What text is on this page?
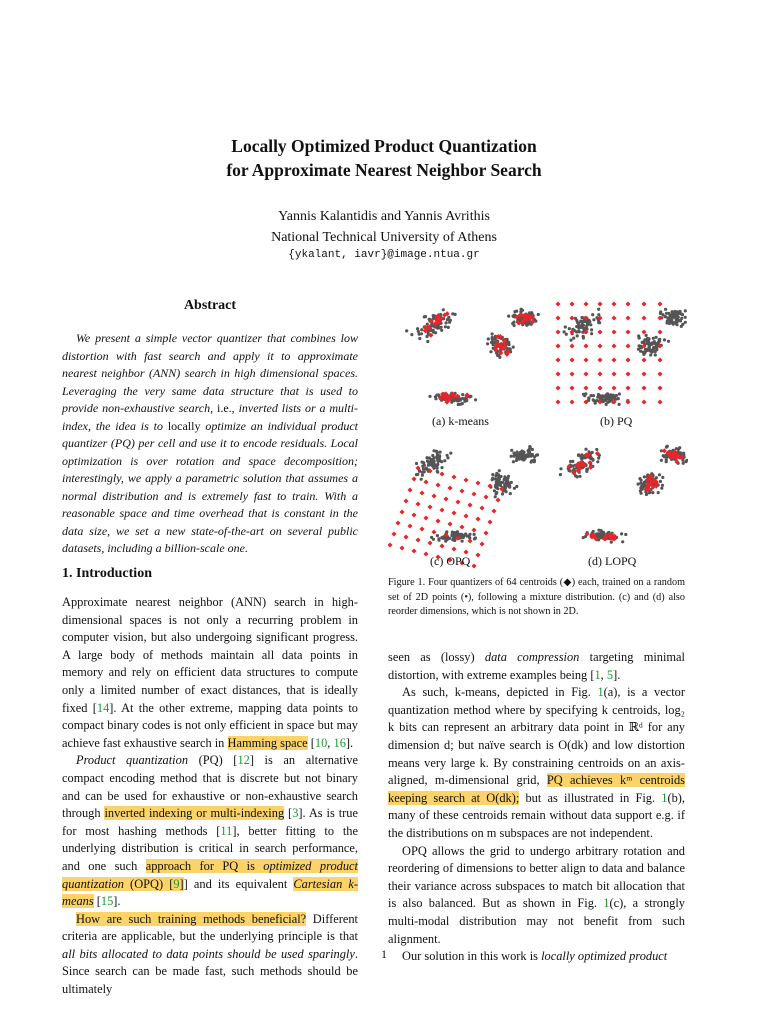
Locally Optimized Product Quantization
for Approximate Nearest Neighbor Search
Yannis Kalantidis and Yannis Avrithis
National Technical University of Athens
{ykalant, iavr}@image.ntua.gr
Abstract

We present a simple vector quantizer that combines low distortion with fast search and apply it to approximate nearest neighbor (ANN) search in high dimensional spaces. Leveraging the very same data structure that is used to provide non-exhaustive search, i.e., inverted lists or a multi-index, the idea is to locally optimize an individual product quantizer (PQ) per cell and use it to encode residuals. Local optimization is over rotation and space decomposition; interestingly, we apply a parametric solution that assumes a normal distribution and is extremely fast to train. With a reasonable space and time overhead that is constant in the data size, we set a new state-of-the-art on several public datasets, including a billion-scale one.

1. Introduction

Approximate nearest neighbor (ANN) search in high-dimensional spaces is not only a recurring problem in computer vision, but also undergoing significant progress. A large body of methods maintain all data points in memory and rely on efficient data structures to compute only a limited number of exact distances, that is ideally fixed [14]. At the other extreme, mapping data points to compact binary codes is not only efficient in space but may achieve fast exhaustive search in Hamming space [10, 16].

Product quantization (PQ) [12] is an alternative compact encoding method that is discrete but not binary and can be used for exhaustive or non-exhaustive search through inverted indexing or multi-indexing [3]. As is true for most hashing methods [11], better fitting to the underlying distribution is critical in search performance, and one such approach for PQ is optimized product quantization (OPQ) [9]] and its equivalent Cartesian k-means [15].

How are such training methods beneficial? Different criteria are applicable, but the underlying principle is that all bits allocated to data points should be used sparingly. Since search can be made fast, such methods should be ultimately

(a) k-means	(b) PQ
(c) OPQ	(d) LOPQ
Figure 1. Four quantizers of 64 centroids (◆) each, trained on a random set of 2D points (•), following a mixture distribution. (c) and (d) also reorder dimensions, which is not shown in 2D.

seen as (lossy) data compression targeting minimal distortion, with extreme examples being [1, 5].

As such, k-means, depicted in Fig. 1(a), is a vector quantization method where by specifying k centroids, log₂ k bits can represent an arbitrary data point in ℝᵈ for any dimension d; but naïve search is O(dk) and low distortion means very large k. By constraining centroids on an axis-aligned, m-dimensional grid, PQ achieves kᵐ centroids keeping search at O(dk); but as illustrated in Fig. 1(b), many of these centroids remain without data support e.g. if the distributions on m subspaces are not independent.

OPQ allows the grid to undergo arbitrary rotation and reordering of dimensions to better align to data and balance their variance across subspaces to match bit allocation that is also balanced. But as shown in Fig. 1(c), a strongly multi-modal distribution may not benefit from such alignment.

Our solution in this work is locally optimized product

1
